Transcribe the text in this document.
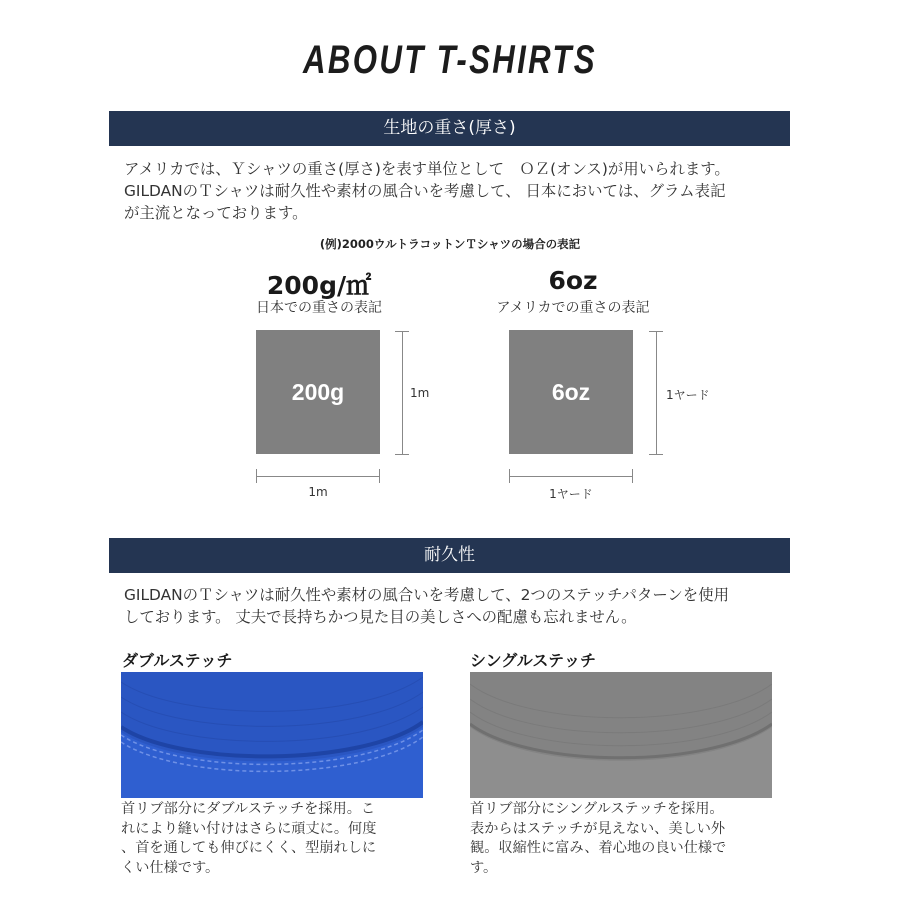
ABOUT T-SHIRTS
生地の重さ(厚さ)
アメリカでは、Ｙシャツの重さ(厚さ)を表す単位として　ＯＺ(オンス)が用いられます。
GILDANのＴシャツは耐久性や素材の風合いを考慮して、 日本においては、グラム表記
が主流となっております。
(例)2000ウルトラコットンＴシャツの場合の表記
200g/㎡
日本での重さの表記
200g	1m
1m
6oz
アメリカでの重さの表記
6oz	1ヤード
1ヤード
耐久性
GILDANのＴシャツは耐久性や素材の風合いを考慮して、2つのステッチパターンを使用
しております。 丈夫で長持ちかつ見た目の美しさへの配慮も忘れません。
ダブルステッチ
首リブ部分にダブルステッチを採用。こ
れにより縫い付けはさらに頑丈に。何度
、首を通しても伸びにくく、型崩れしに
くい仕様です。
シングルステッチ
首リブ部分にシングルステッチを採用。
表からはステッチが見えない、美しい外
観。収縮性に富み、着心地の良い仕様で
す。
